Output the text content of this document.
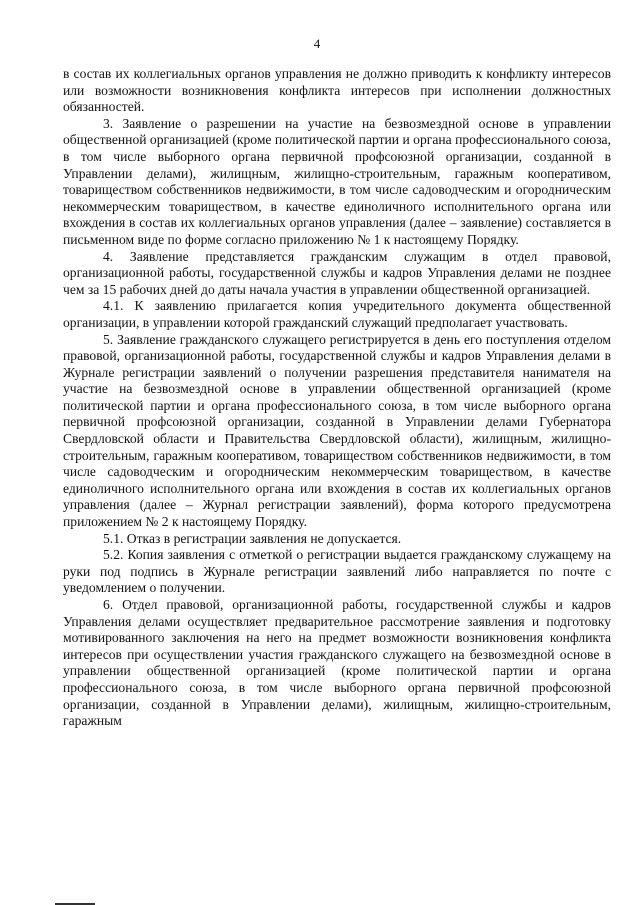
4

в состав их коллегиальных органов управления не должно приводить к конфликту интересов или возможности возникновения конфликта интересов при исполнении должностных обязанностей.

3. Заявление о разрешении на участие на безвозмездной основе в управлении общественной организацией (кроме политической партии и органа профессионального союза, в том числе выборного органа первичной профсоюзной организации, созданной в Управлении делами), жилищным, жилищно-строительным, гаражным кооперативом, товариществом собственников недвижимости, в том числе садоводческим и огородническим некоммерческим товариществом, в качестве единоличного исполнительного органа или вхождения в состав их коллегиальных органов управления (далее – заявление) составляется в письменном виде по форме согласно приложению № 1 к настоящему Порядку.

4. Заявление представляется гражданским служащим в отдел правовой, организационной работы, государственной службы и кадров Управления делами не позднее чем за 15 рабочих дней до даты начала участия в управлении общественной организацией.

4.1. К заявлению прилагается копия учредительного документа общественной организации, в управлении которой гражданский служащий предполагает участвовать.

5. Заявление гражданского служащего регистрируется в день его поступления отделом правовой, организационной работы, государственной службы и кадров Управления делами в Журнале регистрации заявлений о получении разрешения представителя нанимателя на участие на безвозмездной основе в управлении общественной организацией (кроме политической партии и органа профессионального союза, в том числе выборного органа первичной профсоюзной организации, созданной в Управлении делами Губернатора Свердловской области и Правительства Свердловской области), жилищным, жилищно-строительным, гаражным кооперативом, товариществом собственников недвижимости, в том числе садоводческим и огородническим некоммерческим товариществом, в качестве единоличного исполнительного органа или вхождения в состав их коллегиальных органов управления (далее – Журнал регистрации заявлений), форма которого предусмотрена приложением № 2 к настоящему Порядку.

5.1. Отказ в регистрации заявления не допускается.

5.2. Копия заявления с отметкой о регистрации выдается гражданскому служащему на руки под подпись в Журнале регистрации заявлений либо направляется по почте с уведомлением о получении.

6. Отдел правовой, организационной работы, государственной службы и кадров Управления делами осуществляет предварительное рассмотрение заявления и подготовку мотивированного заключения на него на предмет возможности возникновения конфликта интересов при осуществлении участия гражданского служащего на безвозмездной основе в управлении общественной организацией (кроме политической партии и органа профессионального союза, в том числе выборного органа первичной профсоюзной организации, созданной в Управлении делами), жилищным, жилищно-строительным, гаражным
